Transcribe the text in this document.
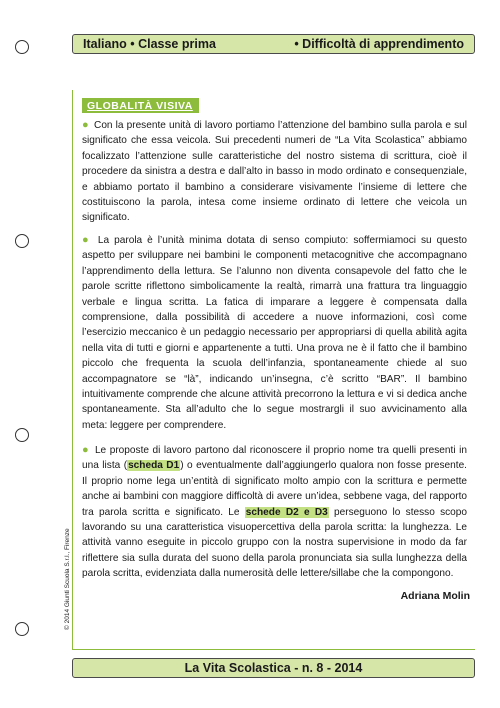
Italiano • Classe prima	• Difficoltà di apprendimento
GLOBALITÀ VISIVA

● Con la presente unità di lavoro portiamo l’attenzione del bambino sulla parola e sul significato che essa veicola. Sui precedenti numeri de “La Vita Scolastica” abbiamo focalizzato l’attenzione sulle caratteristiche del nostro sistema di scrittura, cioè il procedere da sinistra a destra e dall’alto in basso in modo ordinato e consequenziale, e abbiamo portato il bambino a considerare visivamente l’insieme di lettere che costituiscono la parola, intesa come insieme ordinato di lettere che veicola un significato.

● La parola è l’unità minima dotata di senso compiuto: soffermiamoci su questo aspetto per sviluppare nei bambini le componenti metacognitive che accompagnano l’apprendimento della lettura. Se l’alunno non diventa consapevole del fatto che le parole scritte riflettono simbolicamente la realtà, rimarrà una frattura tra linguaggio verbale e lingua scritta. La fatica di imparare a leggere è compensata dalla comprensione, dalla possibilità di accedere a nuove informazioni, così come l’esercizio meccanico è un pedaggio necessario per appropriarsi di quella abilità agita nella vita di tutti e giorni e appartenente a tutti. Una prova ne è il fatto che il bambino piccolo che frequenta la scuola dell’infanzia, spontaneamente chiede al suo accompagnatore se “là”, indicando un’insegna, c’è scritto “BAR”. Il bambino intuitivamente comprende che alcune attività precorrono la lettura e vi si dedica anche spontaneamente. Sta all’adulto che lo segue mostrargli il suo avvicinamento alla meta: leggere per comprendere.

● Le proposte di lavoro partono dal riconoscere il proprio nome tra quelli presenti in una lista (scheda D1) o eventualmente dall’aggiungerlo qualora non fosse presente. Il proprio nome lega un’entità di significato molto ampio con la scrittura e permette anche ai bambini con maggiore difficoltà di avere un’idea, sebbene vaga, del rapporto tra parola scritta e significato. Le schede D2 e D3 perseguono lo stesso scopo lavorando su una caratteristica visuopercettiva della parola scritta: la lunghezza. Le attività vanno eseguite in piccolo gruppo con la nostra supervisione in modo da far riflettere sia sulla durata del suono della parola pronunciata sia sulla lunghezza della parola scritta, evidenziata dalla numerosità delle lettere/sillabe che la compongono.

Adriana Molin
© 2014 Giunti Scuola S.r.l., Firenze
La Vita Scolastica - n. 8 - 2014
